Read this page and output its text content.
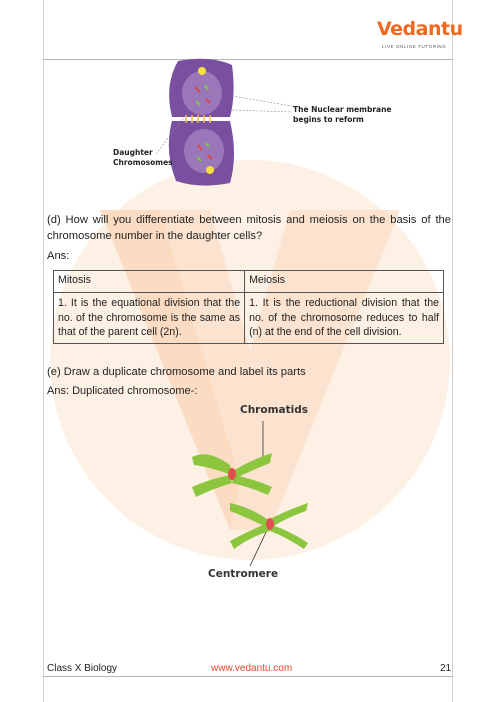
Vedantu
LIVE ONLINE TUTORING
The Nuclear membrane begins to reform
Daughter Chromosomes
(d) How will you differentiate between mitosis and meiosis on the basis of the chromosome number in the daughter cells?
Ans:
Mitosis	Meiosis
1. It is the equational division that the no. of the chromosome is the same as that of the parent cell (2n).	1. It is the reductional division that the no. of the chromosome reduces to half (n) at the end of the cell division.
(e) Draw a duplicate chromosome and label its parts
Ans: Duplicated chromosome-:
Chromatids
Centromere
Class X Biology	www.vedantu.com	21
